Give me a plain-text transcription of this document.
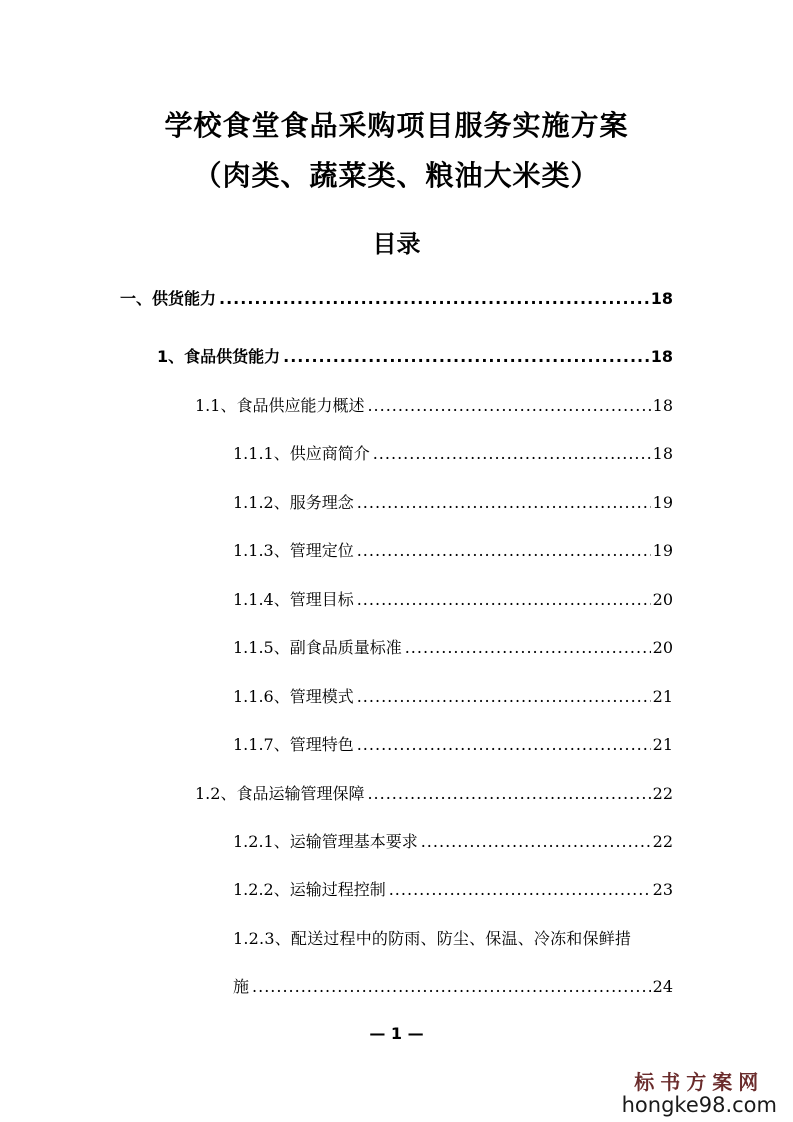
学校食堂食品采购项目服务实施方案
（肉类、蔬菜类、粮油大米类）
目录
一、供货能力 .....	18
1、食品供货能力 .....	18
1.1、食品供应能力概述 .....	18
1.1.1、供应商简介 .....	18
1.1.2、服务理念 .....	19
1.1.3、管理定位 .....	19
1.1.4、管理目标 .....	20
1.1.5、副食品质量标准 .....	20
1.1.6、管理模式 .....	21
1.1.7、管理特色 .....	21
1.2、食品运输管理保障 .....	22
1.2.1、运输管理基本要求 .....	22
1.2.2、运输过程控制 .....	23
1.2.3、配送过程中的防雨、防尘、保温、冷冻和保鲜措
施 .....	24
— 1 —
标书方案网
hongke98.com
